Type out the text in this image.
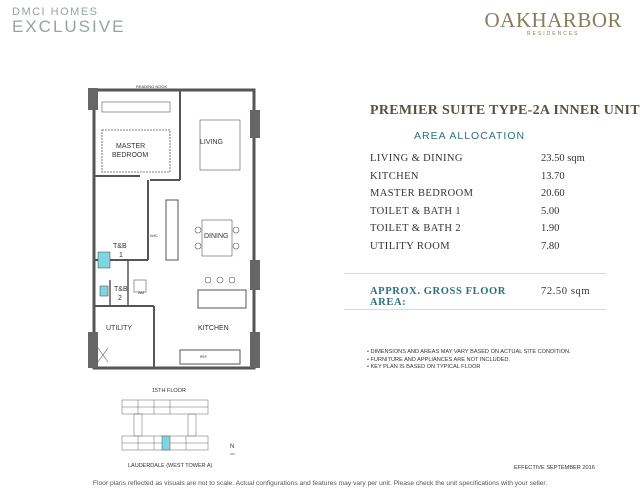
DMCI HOMES
EXCLUSIVE	OAKHARBOR
RESIDENCES
READING NOOK
MASTER
BEDROOM
LIVING
DINING
WIC
T&B
1
T&B
2
WM
UTILITY	KITCHEN
REF
PREMIER SUITE TYPE-2A INNER UNIT
AREA ALLOCATION
LIVING & DINING	23.50 sqm
KITCHEN	13.70
MASTER BEDROOM	20.60
TOILET & BATH 1	5.00
TOILET & BATH 2	1.90
UTILITY ROOM	7.80
APPROX. GROSS FLOOR AREA:
72.50 sqm
• DIMENSIONS AND AREAS MAY VARY BASED ON ACTUAL SITE CONDITION.
• FURNITURE AND APPLIANCES ARE NOT INCLUDED.
• KEY PLAN IS BASED ON TYPICAL FLOOR
15TH FLOOR
N
LAUDERDALE (WEST TOWER A)	EFFECTIVE SEPTEMBER 2016
Floor plans reflected as visuals are not to scale. Actual configurations and features may vary per unit. Please check the unit specifications with your seller.
